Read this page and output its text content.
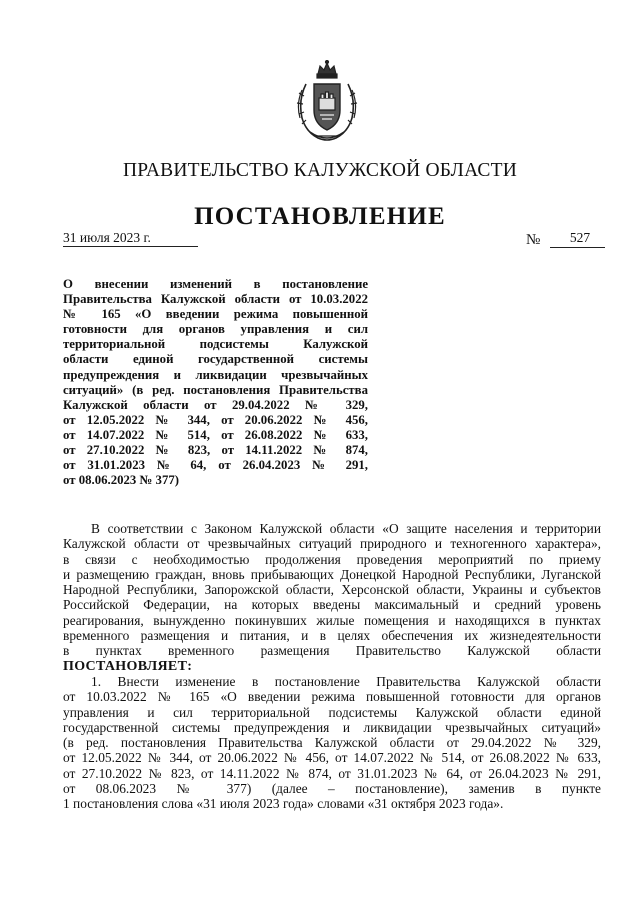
ПРАВИТЕЛЬСТВО КАЛУЖСКОЙ ОБЛАСТИ
ПОСТАНОВЛЕНИЕ
31 июля 2023 г.	№	527
О внесении изменений в постановление
Правительства Калужской области от 10.03.2022
№ 165 «О введении режима повышенной
готовности для органов управления и сил
территориальной подсистемы Калужской
области единой государственной системы
предупреждения и ликвидации чрезвычайных
ситуаций» (в ред. постановления Правительства
Калужской области от 29.04.2022 № 329,
от 12.05.2022 № 344, от 20.06.2022 № 456,
от 14.07.2022 № 514, от 26.08.2022 № 633,
от 27.10.2022 № 823, от 14.11.2022 № 874,
от 31.01.2023 № 64, от 26.04.2023 № 291,
от 08.06.2023 № 377)
В соответствии с Законом Калужской области «О защите населения и территории
Калужской области от чрезвычайных ситуаций природного и техногенного характера»,
в связи с необходимостью продолжения проведения мероприятий по приему
и размещению граждан, вновь прибывающих Донецкой Народной Республики, Луганской
Народной Республики, Запорожской области, Херсонской области, Украины и субъектов
Российской Федерации, на которых введены максимальный и средний уровень
реагирования, вынужденно покинувших жилые помещения и находящихся в пунктах
временного размещения и питания, и в целях обеспечения их жизнедеятельности
в пунктах временного размещения Правительство Калужской области
ПОСТАНОВЛЯЕТ:
1. Внести изменение в постановление Правительства Калужской области
от 10.03.2022 № 165 «О введении режима повышенной готовности для органов
управления и сил территориальной подсистемы Калужской области единой
государственной системы предупреждения и ликвидации чрезвычайных ситуаций»
(в ред. постановления Правительства Калужской области от 29.04.2022 № 329,
от 12.05.2022 № 344, от 20.06.2022 № 456, от 14.07.2022 № 514, от 26.08.2022 № 633,
от 27.10.2022 № 823, от 14.11.2022 № 874, от 31.01.2023 № 64, от 26.04.2023 № 291,
от 08.06.2023 № 377) (далее – постановление), заменив в пункте
1 постановления слова «31 июля 2023 года» словами «31 октября 2023 года».
